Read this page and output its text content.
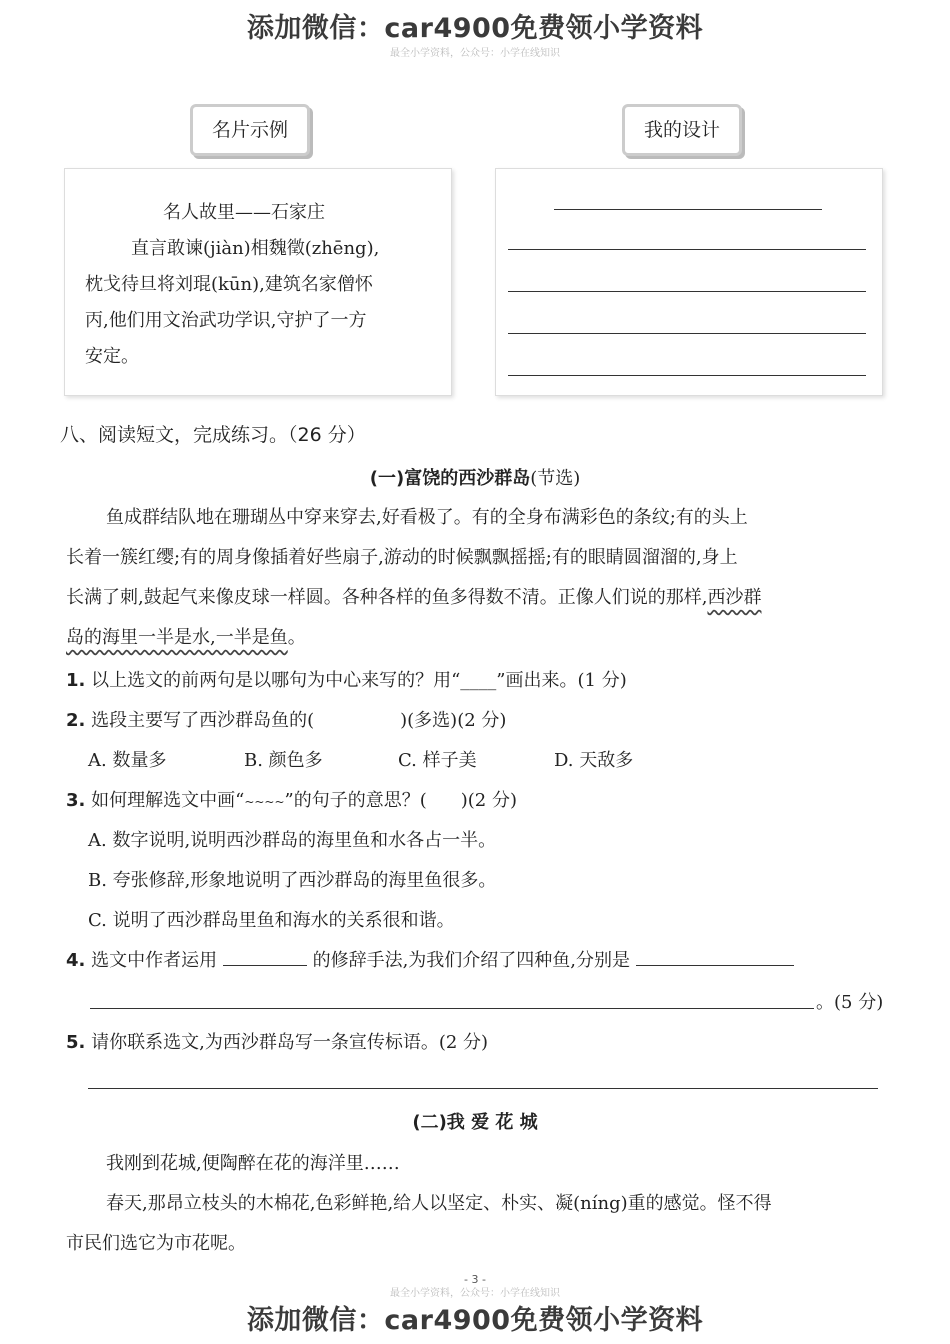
添加微信：car4900免费领小学资料
最全小学资料，公众号：小学在线知识
名片示例
名人故里——石家庄
直言敢谏(jiàn)相魏徵(zhēng),
枕戈待旦将刘琨(kūn),建筑名家僧怀
丙,他们用文治武功学识,守护了一方
安定。
我的设计
八、阅读短文，完成练习。（26 分）
(一)富饶的西沙群岛(节选)
鱼成群结队地在珊瑚丛中穿来穿去,好看极了。有的全身布满彩色的条纹;有的头上
长着一簇红缨;有的周身像插着好些扇子,游动的时候飘飘摇摇;有的眼睛圆溜溜的,身上
长满了刺,鼓起气来像皮球一样圆。各种各样的鱼多得数不清。正像人们说的那样,西沙群
岛的海里一半是水,一半是鱼。
1. 以上选文的前两句是以哪句为中心来写的？用“____”画出来。(1 分)
2. 选段主要写了西沙群岛鱼的(	)(多选)(2 分)
A. 数量多	B. 颜色多	C. 样子美	D. 天敌多
3. 如何理解选文中画“~~~~”的句子的意思？( )(2 分)
A. 数字说明,说明西沙群岛的海里鱼和水各占一半。
B. 夸张修辞,形象地说明了西沙群岛的海里鱼很多。
C. 说明了西沙群岛里鱼和海水的关系很和谐。
4. 选文中作者运用	的修辞手法,为我们介绍了四种鱼,分别是
。(5 分)
5. 请你联系选文,为西沙群岛写一条宣传标语。(2 分)
(二)我 爱 花 城
我刚到花城,便陶醉在花的海洋里……
春天,那昂立枝头的木棉花,色彩鲜艳,给人以坚定、朴实、凝(níng)重的感觉。怪不得
市民们选它为市花呢。
- 3 -
最全小学资料，公众号：小学在线知识
添加微信：car4900免费领小学资料
